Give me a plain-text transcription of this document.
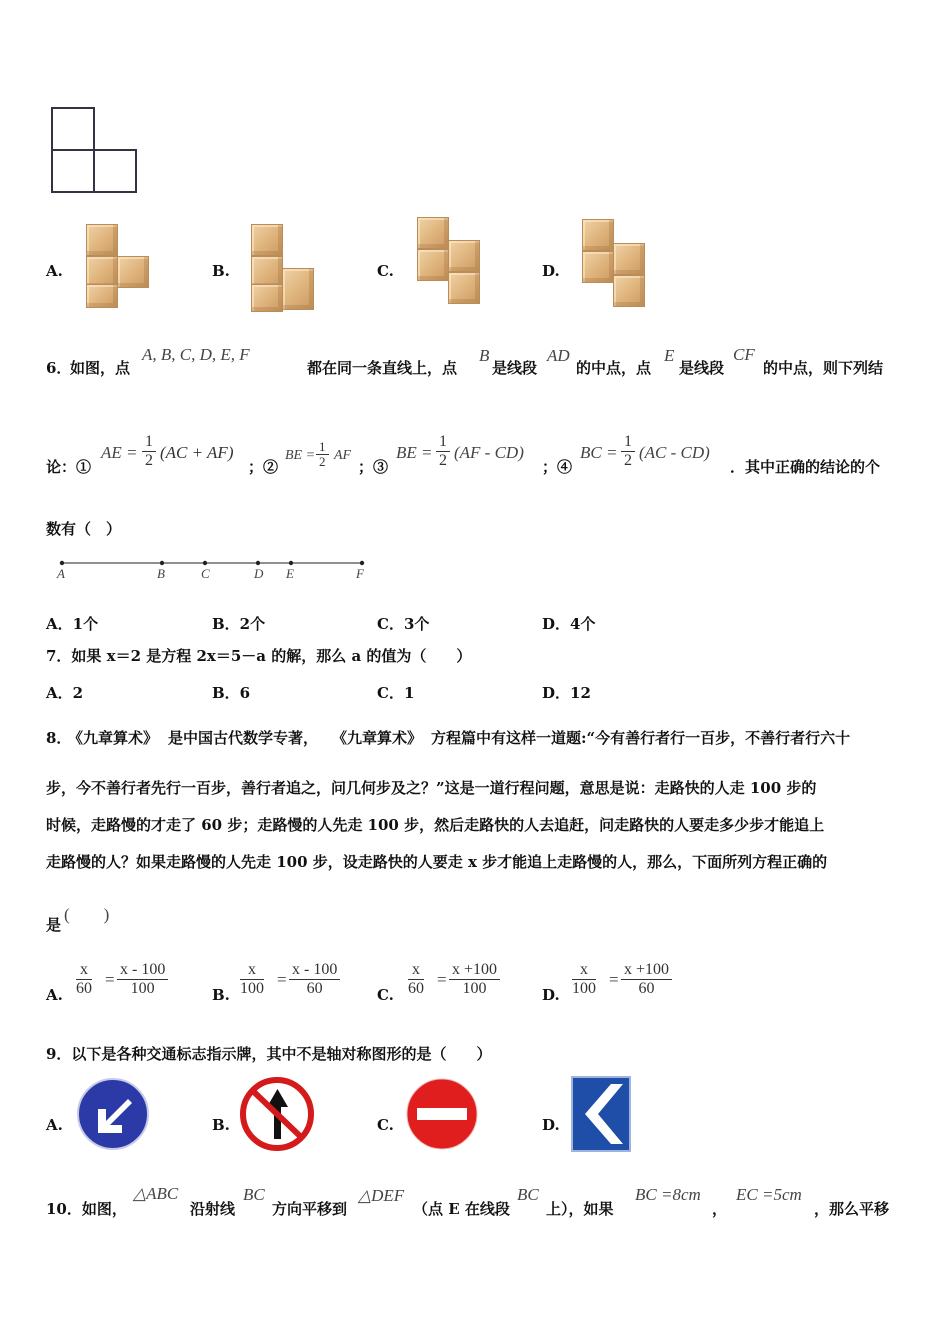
A.	B.	C.	D.
6．
如图，点
A, B, C, D, E, F
都在同一条直线上，点
B
是线段
AD
的中点，点
E
是线段
CF
的中点，则下列结
论：①
AE = $\frac{1}{2} (AC + AF)$
；②
BE = $\frac{1}{2}$ AF
；③
BE = $\frac{1}{2} (AF - CD)$
；④
BC = $\frac{1}{2} (AC - CD)$
．其中正确的结论的个
数有（　）
A	B	C	D E	F
A．1个	B．2个	C．3个	D．4个
7．如果 x＝2 是方程 2x＝5－a 的解，那么 a 的值为（　　）
A．2	B．6	C．1	D．12
8．
《九章算术》 是中国古代数学专著， 《九章算术》 方程篇中有这样一道题:“今有善行者行一百步，不善行者行六十
步，今不善行者先行一百步，善行者追之，问几何步及之？”这是一道行程问题，意思是说：走路快的人走 100 步的
时候，走路慢的才走了 60 步；走路慢的人先走 100 步，然后走路快的人去追赶，问走路快的人要走多少步才能追上
走路慢的人？如果走路慢的人先走 100 步，设走路快的人要走 x 步才能追上走路慢的人，那么，下面所列方程正确的
是
(　　)
A. $\frac{x}{60} = \frac{x - 100}{100}$	B. $\frac{x}{100} = \frac{x - 100}{60} C$. $\frac{x}{60} = \frac{x +100}{100}$	D. $\frac{x}{100} = \frac{x +100}{60}$
9．以下是各种交通标志指示牌，其中不是轴对称图形的是（　　）
A.	B.	C.	D.
10．如图，
△ABC
沿射线
BC
方向平移到
△DEF
（点 E 在线段
BC
上），如果
BC =8cm
，
EC =5cm
，那么平移
